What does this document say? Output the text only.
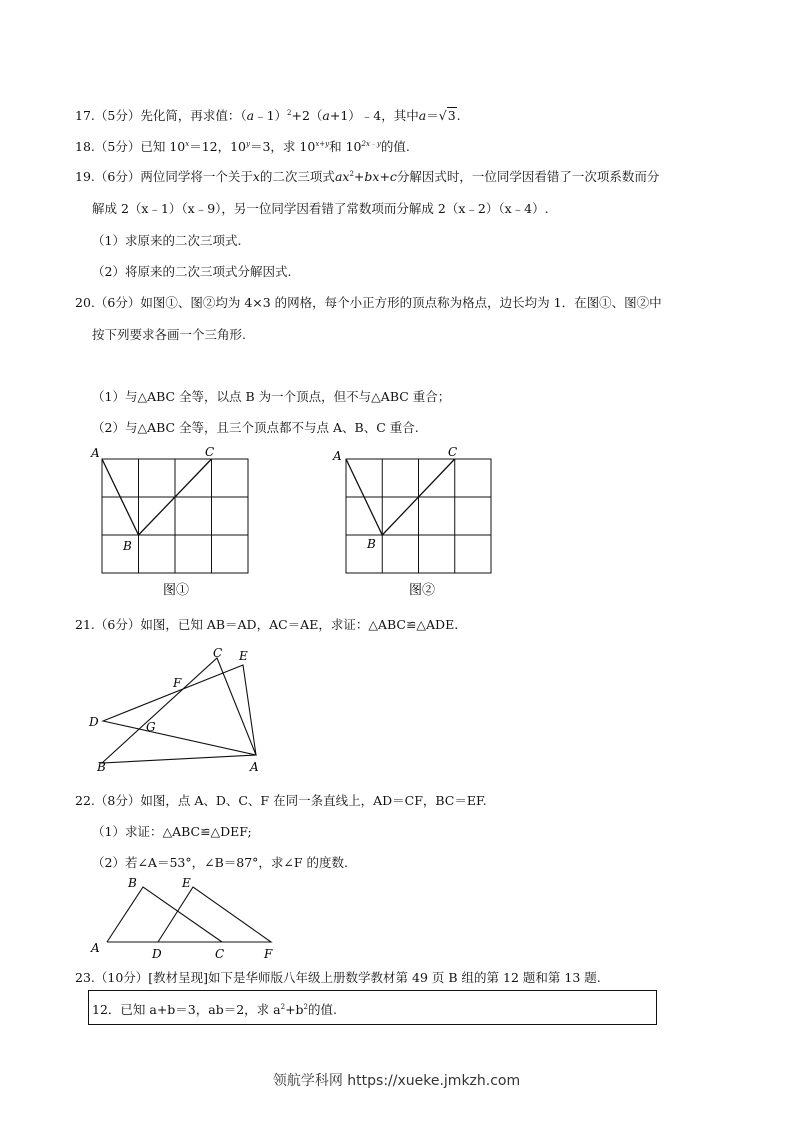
17.（5分）先化简，再求值：（a﹣1）$^2$+2（a+1）﹣4，其中a＝√3.
18.（5分）已知 $10^x=12$，$10^y=3$，求 $10^{x+y}$和 $10^{2x﹣y}$的值.
19.（6分）两位同学将一个关于x的二次三项式$ax^2+bx+c$分解因式时，一位同学因看错了一次项系数而分
解成 2（x﹣1）（x﹣9），另一位同学因看错了常数项而分解成 2（x﹣2）（x﹣4）.
（1）求原来的二次三项式.
（2）将原来的二次三项式分解因式.
20.（6分）如图①、图②均为 4×3 的网格，每个小正方形的顶点称为格点，边长均为 1．在图①、图②中
按下列要求各画一个三角形.
（1）与△ABC 全等，以点 B 为一个顶点，但不与△ABC 重合；
（2）与△ABC 全等，且三个顶点都不与点 A、B、C 重合.
A
B
C
图①
A
B
C
图②
21.（6分）如图，已知 AB＝AD，AC＝AE，求证：△ABC≌△ADE.
C E
F
D	G
B	A
22.（8分）如图，点 A、D、C、F 在同一条直线上，AD＝CF，BC＝EF.
（1）求证：△ABC≌△DEF;
（2）若∠A＝53°，∠B＝87°，求∠F 的度数.
B	E
A	D	C	F
23.（10分）[教材呈现]如下是华师版八年级上册数学教材第 49 页 B 组的第 12 题和第 13 题.
12．已知 a+b＝3，ab＝2，求 $a^2+b^2$的值.
领航学科网 https://xueke.jmkzh.com
